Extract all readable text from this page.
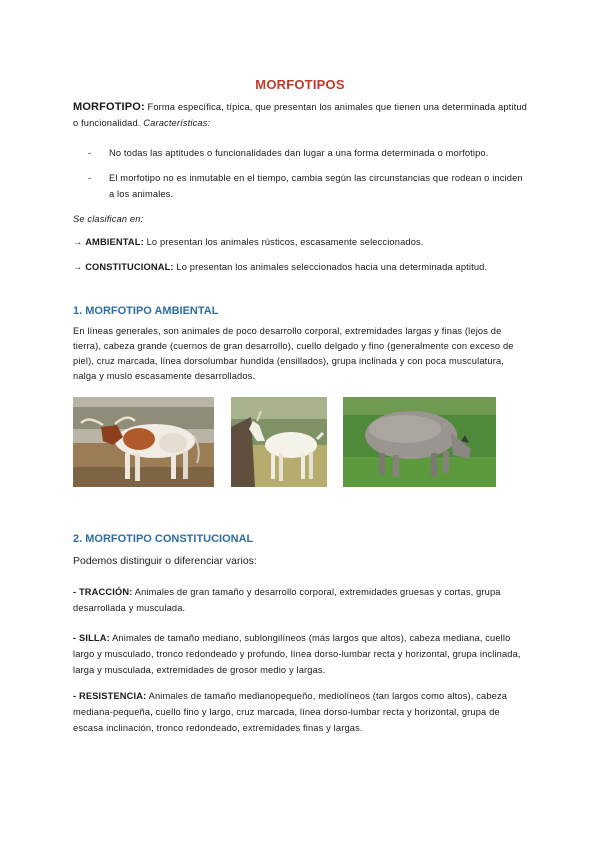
MORFOTIPOS
MORFOTIPO: Forma específica, típica, que presentan los animales que tienen una determinada aptitud o funcionalidad. Características:
- No todas las aptitudes o funcionalidades dan lugar a una forma determinada o morfotipo.
- El morfotipo no es inmutable en el tiempo, cambia según las circunstancias que rodean o inciden a los animales.
Se clasifican en:
→ AMBIENTAL: Lo presentan los animales rústicos, escasamente seleccionados.
→ CONSTITUCIONAL: Lo presentan los animales seleccionados hacia una determinada aptitud.
1. MORFOTIPO AMBIENTAL
En líneas generales, son animales de poco desarrollo corporal, extremidades largas y finas (lejos de tierra), cabeza grande (cuernos de gran desarrollo), cuello delgado y fino (generalmente con exceso de piel), cruz marcada, línea dorsolumbar hundida (ensillados), grupa inclinada y con poca musculatura, nalga y muslo escasamente desarrollados.
2. MORFOTIPO CONSTITUCIONAL
Podemos distinguir o diferenciar varios:
- TRACCIÓN: Animales de gran tamaño y desarrollo corporal, extremidades gruesas y cortas, grupa desarrollada y musculada.
- SILLA: Animales de tamaño mediano, sublongilíneos (más largos que altos), cabeza mediana, cuello largo y musculado, tronco redondeado y profundo, línea dorso-lumbar recta y horizontal, grupa inclinada, larga y musculada, extremidades de grosor medio y largas.
- RESISTENCIA: Animales de tamaño medianopequeño, mediolíneos (tan largos como altos), cabeza mediana-pequeña, cuello fino y largo, cruz marcada, línea dorso-lumbar recta y horizontal, grupa de escasa inclinación, tronco redondeado, extremidades finas y largas.
